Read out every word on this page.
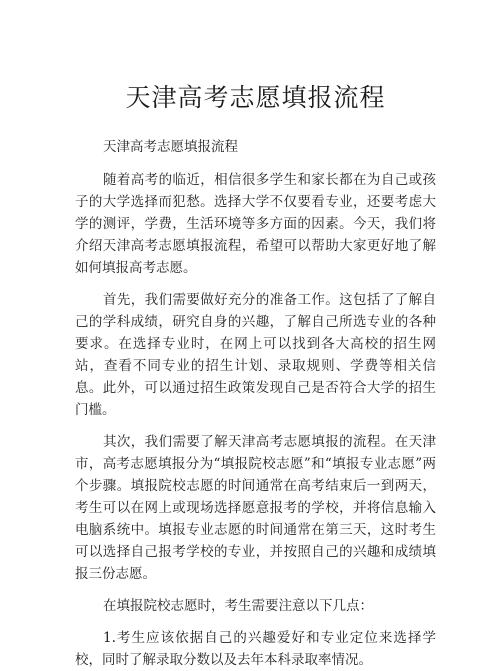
天津高考志愿填报流程

天津高考志愿填报流程

随着高考的临近，相信很多学生和家长都在为自己或孩子的大学选择而犯愁。选择大学不仅要看专业，还要考虑大学的测评，学费，生活环境等多方面的因素。今天，我们将介绍天津高考志愿填报流程，希望可以帮助大家更好地了解如何填报高考志愿。

首先，我们需要做好充分的准备工作。这包括了了解自己的学科成绩，研究自身的兴趣，了解自己所选专业的各种要求。在选择专业时，在网上可以找到各大高校的招生网站，查看不同专业的招生计划、录取规则、学费等相关信息。此外，可以通过招生政策发现自己是否符合大学的招生门槛。

其次，我们需要了解天津高考志愿填报的流程。在天津市，高考志愿填报分为“填报院校志愿”和“填报专业志愿”两个步骤。填报院校志愿的时间通常在高考结束后一到两天，考生可以在网上或现场选择愿意报考的学校，并将信息输入电脑系统中。填报专业志愿的时间通常在第三天，这时考生可以选择自己报考学校的专业，并按照自己的兴趣和成绩填报三份志愿。

在填报院校志愿时，考生需要注意以下几点：

1.考生应该依据自己的兴趣爱好和专业定位来选择学校，同时了解录取分数以及去年本科录取率情况。
